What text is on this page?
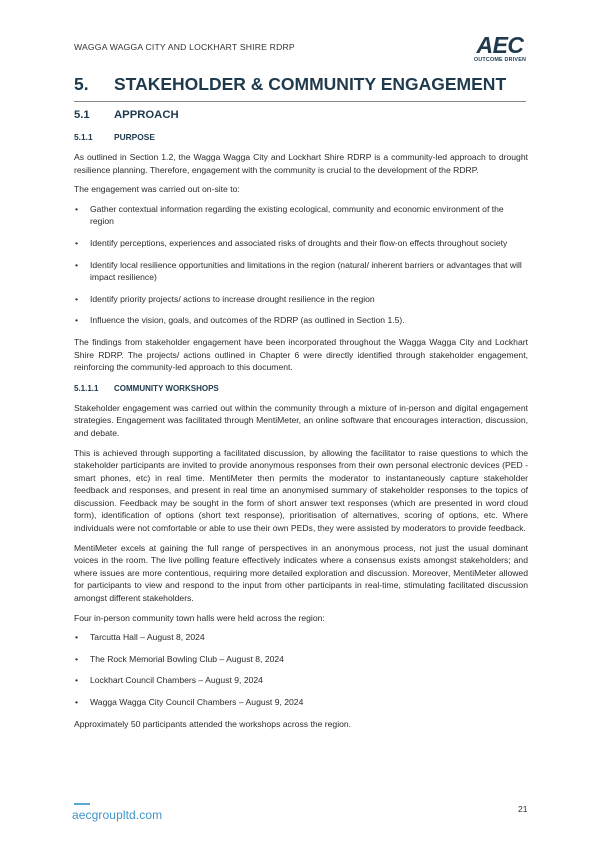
WAGGA WAGGA CITY AND LOCKHART SHIRE RDRP	AEC
OUTCOME DRIVEN
5. STAKEHOLDER & COMMUNITY ENGAGEMENT
5.1	APPROACH
5.1.1	PURPOSE

As outlined in Section 1.2, the Wagga Wagga City and Lockhart Shire RDRP is a community-led approach to drought resilience planning. Therefore, engagement with the community is crucial to the development of the RDRP.

The engagement was carried out on-site to:

• Gather contextual information regarding the existing ecological, community and economic environment of the region
• Identify perceptions, experiences and associated risks of droughts and their flow-on effects throughout society
• Identify local resilience opportunities and limitations in the region (natural/ inherent barriers or advantages that will impact resilience)
• Identify priority projects/ actions to increase drought resilience in the region
• Influence the vision, goals, and outcomes of the RDRP (as outlined in Section 1.5).

The findings from stakeholder engagement have been incorporated throughout the Wagga Wagga City and Lockhart Shire RDRP. The projects/ actions outlined in Chapter 6 were directly identified through stakeholder engagement, reinforcing the community-led approach to this document.

5.1.1.1	COMMUNITY WORKSHOPS

Stakeholder engagement was carried out within the community through a mixture of in-person and digital engagement strategies. Engagement was facilitated through MentiMeter, an online software that encourages interaction, discussion, and debate.

This is achieved through supporting a facilitated discussion, by allowing the facilitator to raise questions to which the stakeholder participants are invited to provide anonymous responses from their own personal electronic devices (PED - smart phones, etc) in real time. MentiMeter then permits the moderator to instantaneously capture stakeholder feedback and responses, and present in real time an anonymised summary of stakeholder responses to the topics of discussion. Feedback may be sought in the form of short answer text responses (which are presented in word cloud form), identification of options (short text response), prioritisation of alternatives, scoring of options, etc. Where individuals were not comfortable or able to use their own PEDs, they were assisted by moderators to provide feedback.

MentiMeter excels at gaining the full range of perspectives in an anonymous process, not just the usual dominant voices in the room. The live polling feature effectively indicates where a consensus exists amongst stakeholders; and where issues are more contentious, requiring more detailed exploration and discussion. Moreover, MentiMeter allowed for participants to view and respond to the input from other participants in real-time, stimulating facilitated discussion amongst different stakeholders.

Four in-person community town halls were held across the region:

• Tarcutta Hall – August 8, 2024
• The Rock Memorial Bowling Club – August 8, 2024
• Lockhart Council Chambers – August 9, 2024
• Wagga Wagga City Council Chambers – August 9, 2024

Approximately 50 participants attended the workshops across the region.

aecgroupltd.com	21
